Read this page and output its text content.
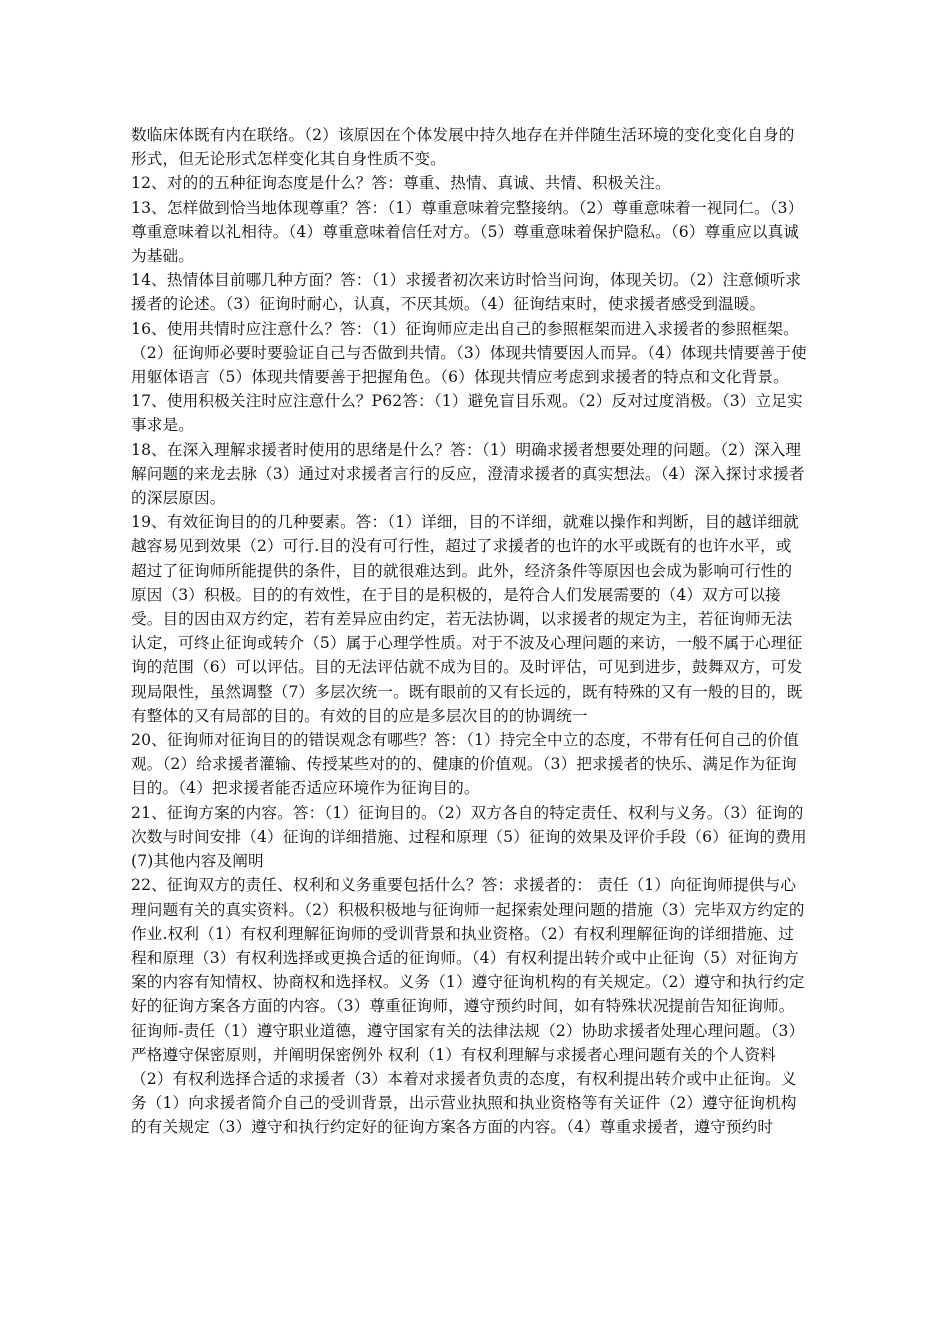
数临床体既有内在联络。（2）该原因在个体发展中持久地存在并伴随生活环境的变化变化自身的形式，但无论形式怎样变化其自身性质不变。

12、对的的五种征询态度是什么？答：尊重、热情、真诚、共情、积极关注。

13、怎样做到恰当地体现尊重？答：（1）尊重意味着完整接纳。（2）尊重意味着一视同仁。（3）尊重意味着以礼相待。（4）尊重意味着信任对方。（5）尊重意味着保护隐私。（6）尊重应以真诚为基础。

14、热情体目前哪几种方面？答：（1）求援者初次来访时恰当问询，体现关切。（2）注意倾听求援者的论述。（3）征询时耐心，认真，不厌其烦。（4）征询结束时，使求援者感受到温暖。

16、使用共情时应注意什么？答：（1）征询师应走出自己的参照框架而进入求援者的参照框架。（2）征询师必要时要验证自己与否做到共情。（3）体现共情要因人而异。（4）体现共情要善于使用躯体语言（5）体现共情要善于把握角色。（6）体现共情应考虑到求援者的特点和文化背景。

17、使用积极关注时应注意什么？P62答：（1）避免盲目乐观。（2）反对过度消极。（3）立足实事求是。

18、在深入理解求援者时使用的思绪是什么？答：（1）明确求援者想要处理的问题。（2）深入理解问题的来龙去脉（3）通过对求援者言行的反应，澄清求援者的真实想法。（4）深入探讨求援者的深层原因。

19、有效征询目的的几种要素。答：（1）详细，目的不详细，就难以操作和判断，目的越详细就越容易见到效果（2）可行.目的没有可行性，超过了求援者的也许的水平或既有的也许水平，或超过了征询师所能提供的条件，目的就很难达到。此外，经济条件等原因也会成为影响可行性的原因（3）积极。目的的有效性，在于目的是积极的，是符合人们发展需要的（4）双方可以接受。目的因由双方约定，若有差异应由约定，若无法协调，以求援者的规定为主，若征询师无法认定，可终止征询或转介（5）属于心理学性质。对于不波及心理问题的来访，一般不属于心理征询的范围（6）可以评估。目的无法评估就不成为目的。及时评估，可见到进步，鼓舞双方，可发现局限性，虽然调整（7）多层次统一。既有眼前的又有长远的，既有特殊的又有一般的目的，既有整体的又有局部的目的。有效的目的应是多层次目的的协调统一

20、征询师对征询目的的错误观念有哪些？答：（1）持完全中立的态度，不带有任何自己的价值观。（2）给求援者灌输、传授某些对的的、健康的价值观。（3）把求援者的快乐、满足作为征询目的。（4）把求援者能否适应环境作为征询目的。

21、征询方案的内容。答：（1）征询目的。（2）双方各自的特定责任、权利与义务。（3）征询的次数与时间安排（4）征询的详细措施、过程和原理（5）征询的效果及评价手段（6）征询的费用(7)其他内容及阐明

22、征询双方的责任、权利和义务重要包括什么？答：求援者的： 责任（1）向征询师提供与心理问题有关的真实资料。（2）积极积极地与征询师一起探索处理问题的措施（3）完毕双方约定的作业.权利（1）有权利理解征询师的受训背景和执业资格。（2）有权利理解征询的详细措施、过程和原理（3）有权利选择或更换合适的征询师。（4）有权利提出转介或中止征询（5）对征询方案的内容有知情权、协商权和选择权。义务（1）遵守征询机构的有关规定。（2）遵守和执行约定好的征询方案各方面的内容。（3）尊重征询师，遵守预约时间，如有特殊状况提前告知征询师。

征询师-责任（1）遵守职业道德，遵守国家有关的法律法规（2）协助求援者处理心理问题。（3）严格遵守保密原则，并阐明保密例外 权利（1）有权利理解与求援者心理问题有关的个人资料（2）有权利选择合适的求援者（3）本着对求援者负责的态度，有权利提出转介或中止征询。义务（1）向求援者简介自己的受训背景，出示营业执照和执业资格等有关证件（2）遵守征询机构的有关规定（3）遵守和执行约定好的征询方案各方面的内容。（4）尊重求援者，遵守预约时
